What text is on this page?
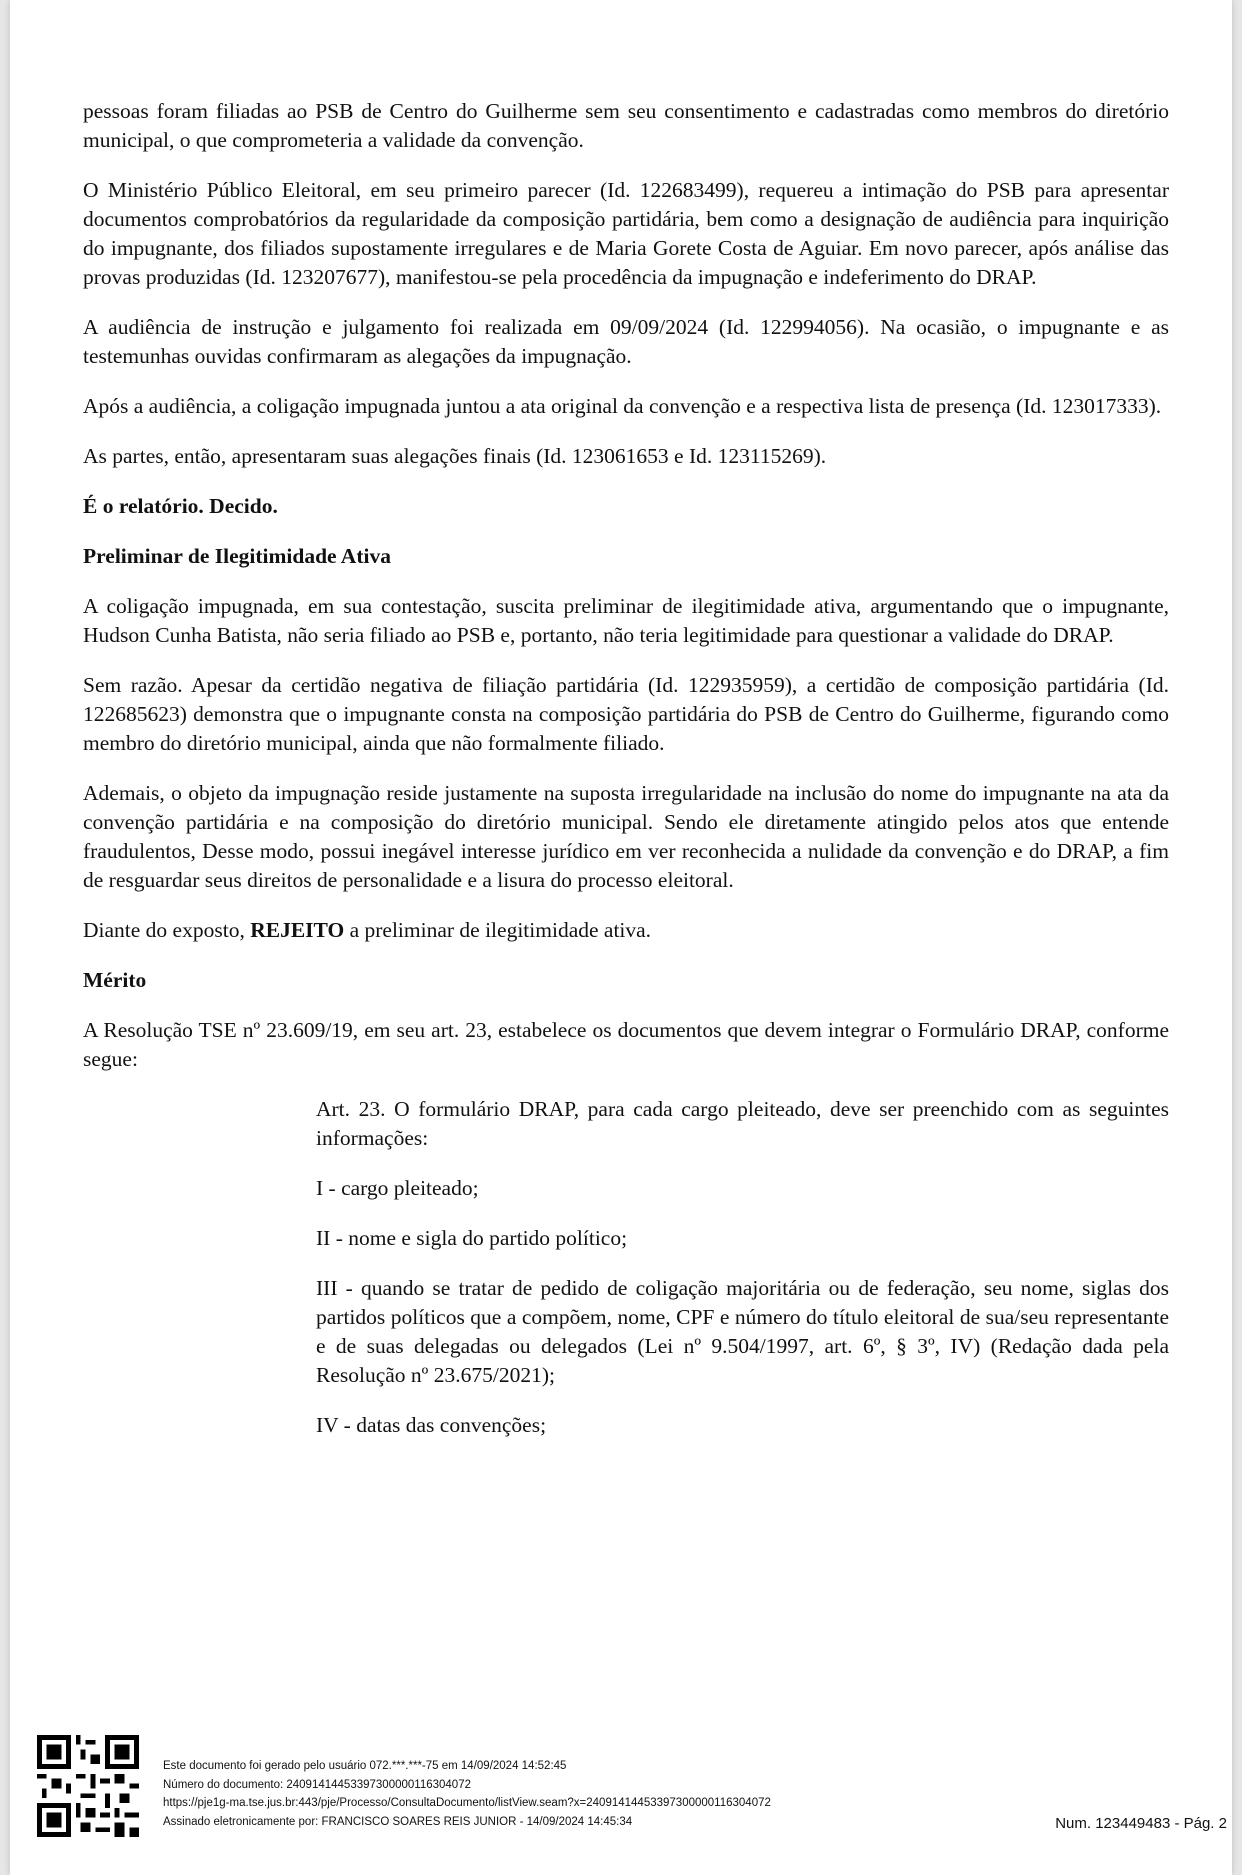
pessoas foram filiadas ao PSB de Centro do Guilherme sem seu consentimento e cadastradas como membros do diretório municipal, o que comprometeria a validade da convenção.

O Ministério Público Eleitoral, em seu primeiro parecer (Id. 122683499), requereu a intimação do PSB para apresentar documentos comprobatórios da regularidade da composição partidária, bem como a designação de audiência para inquirição do impugnante, dos filiados supostamente irregulares e de Maria Gorete Costa de Aguiar. Em novo parecer, após análise das provas produzidas (Id. 123207677), manifestou-se pela procedência da impugnação e indeferimento do DRAP.

A audiência de instrução e julgamento foi realizada em 09/09/2024 (Id. 122994056). Na ocasião, o impugnante e as testemunhas ouvidas confirmaram as alegações da impugnação.

Após a audiência, a coligação impugnada juntou a ata original da convenção e a respectiva lista de presença (Id. 123017333).

As partes, então, apresentaram suas alegações finais (Id. 123061653 e Id. 123115269).

É o relatório. Decido.

Preliminar de Ilegitimidade Ativa

A coligação impugnada, em sua contestação, suscita preliminar de ilegitimidade ativa, argumentando que o impugnante, Hudson Cunha Batista, não seria filiado ao PSB e, portanto, não teria legitimidade para questionar a validade do DRAP.

Sem razão. Apesar da certidão negativa de filiação partidária (Id. 122935959), a certidão de composição partidária (Id. 122685623) demonstra que o impugnante consta na composição partidária do PSB de Centro do Guilherme, figurando como membro do diretório municipal, ainda que não formalmente filiado.

Ademais, o objeto da impugnação reside justamente na suposta irregularidade na inclusão do nome do impugnante na ata da convenção partidária e na composição do diretório municipal. Sendo ele diretamente atingido pelos atos que entende fraudulentos, Desse modo, possui inegável interesse jurídico em ver reconhecida a nulidade da convenção e do DRAP, a fim de resguardar seus direitos de personalidade e a lisura do processo eleitoral.

Diante do exposto, REJEITO a preliminar de ilegitimidade ativa.

Mérito

A Resolução TSE nº 23.609/19, em seu art. 23, estabelece os documentos que devem integrar o Formulário DRAP, conforme segue:

Art. 23. O formulário DRAP, para cada cargo pleiteado, deve ser preenchido com as seguintes informações:

I - cargo pleiteado;

II - nome e sigla do partido político;

III - quando se tratar de pedido de coligação majoritária ou de federação, seu nome, siglas dos partidos políticos que a compõem, nome, CPF e número do título eleitoral de sua/seu representante e de suas delegadas ou delegados (Lei nº 9.504/1997, art. 6º, § 3º, IV) (Redação dada pela Resolução nº 23.675/2021);

IV - datas das convenções;

Este documento foi gerado pelo usuário 072.***.***-75 em 14/09/2024 14:52:45
Número do documento: 24091414453397300000116304072
https://pje1g-ma.tse.jus.br:443/pje/Processo/ConsultaDocumento/listView.seam?x=24091414453397300000116304072
Assinado eletronicamente por: FRANCISCO SOARES REIS JUNIOR - 14/09/2024 14:45:34	Num. 123449483 - Pág. 2
